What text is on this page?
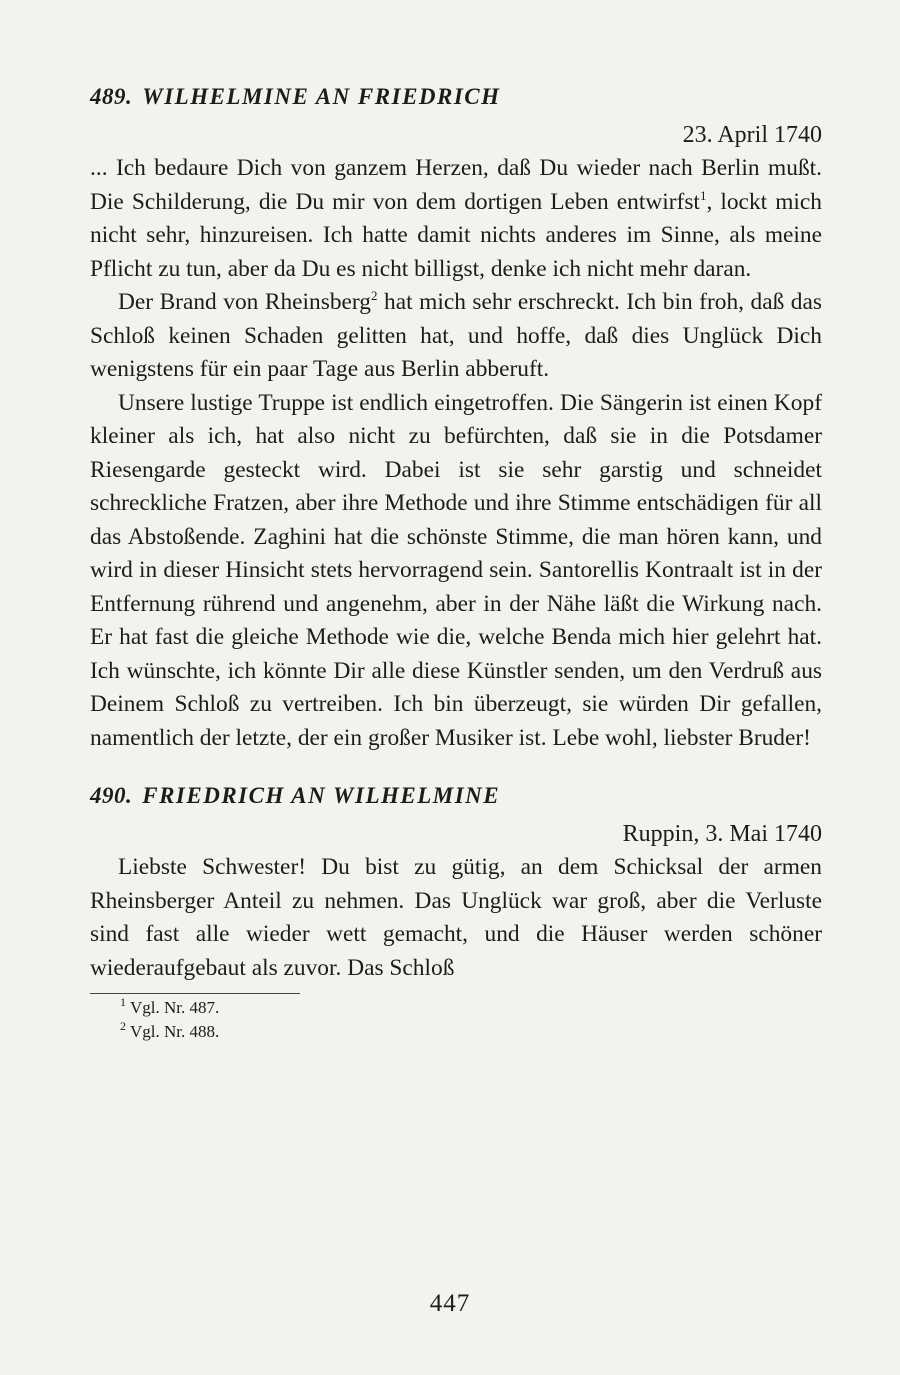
489. WILHELMINE AN FRIEDRICH

23. April 1740

... Ich bedaure Dich von ganzem Herzen, daß Du wieder nach Berlin mußt. Die Schilderung, die Du mir von dem dortigen Leben entwirfst$^1$, lockt mich nicht sehr, hinzureisen. Ich hatte damit nichts anderes im Sinne, als meine Pflicht zu tun, aber da Du es nicht billigst, denke ich nicht mehr daran.

Der Brand von Rheinsberg$^2$ hat mich sehr erschreckt. Ich bin froh, daß das Schloß keinen Schaden gelitten hat, und hoffe, daß dies Unglück Dich wenigstens für ein paar Tage aus Berlin abberuft.

Unsere lustige Truppe ist endlich eingetroffen. Die Sängerin ist einen Kopf kleiner als ich, hat also nicht zu befürchten, daß sie in die Potsdamer Riesengarde gesteckt wird. Dabei ist sie sehr garstig und schneidet schreckliche Fratzen, aber ihre Methode und ihre Stimme entschädigen für all das Abstoßende. Zaghini hat die schönste Stimme, die man hören kann, und wird in dieser Hinsicht stets hervorragend sein. Santorellis Kontraalt ist in der Entfernung rührend und angenehm, aber in der Nähe läßt die Wirkung nach. Er hat fast die gleiche Methode wie die, welche Benda mich hier gelehrt hat. Ich wünschte, ich könnte Dir alle diese Künstler senden, um den Verdruß aus Deinem Schloß zu vertreiben. Ich bin überzeugt, sie würden Dir gefallen, namentlich der letzte, der ein großer Musiker ist. Lebe wohl, liebster Bruder!

490. FRIEDRICH AN WILHELMINE

Ruppin, 3. Mai 1740

Liebste Schwester! Du bist zu gütig, an dem Schicksal der armen Rheinsberger Anteil zu nehmen. Das Unglück war groß, aber die Verluste sind fast alle wieder wett gemacht, und die Häuser werden schöner wiederaufgebaut als zuvor. Das Schloß

$^1$ Vgl. Nr. 487.
$^2$ Vgl. Nr. 488.
447
